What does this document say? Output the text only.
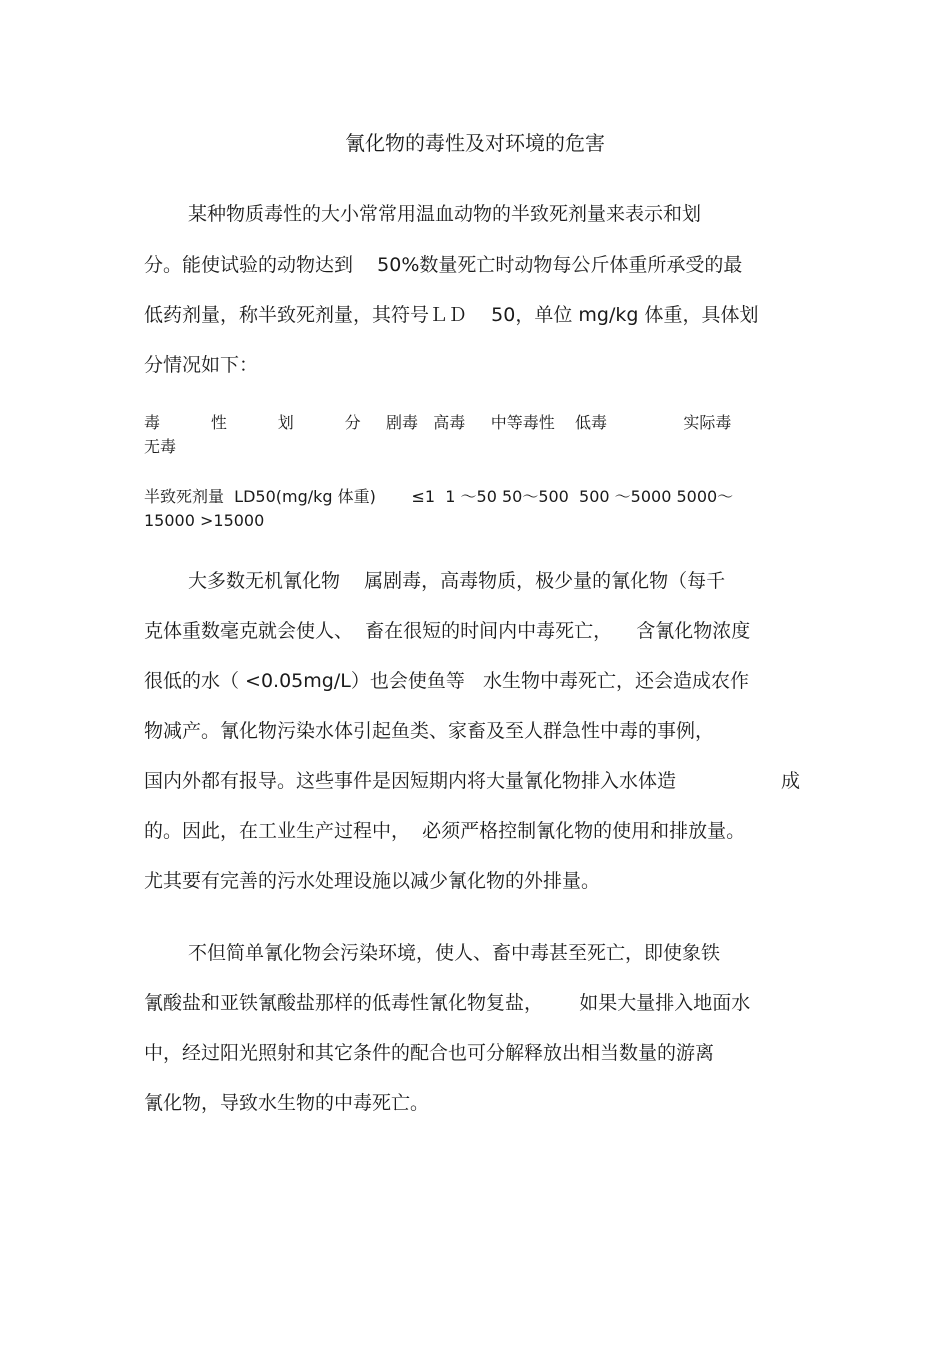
氰化物的毒性及对环境的危害
某种物质毒性的大小常常用温血动物的半致死剂量来表示和划
分。能使试验的动物达到    50%数量死亡时动物每公斤体重所承受的最
低药剂量，称半致死剂量，其符号ＬＤ    50，单位 mg/kg 体重，具体划
分情况如下：
毒          性          划          分     剧毒   高毒     中等毒性    低毒               实际毒
无毒
半致死剂量  LD50(mg/kg 体重)       ≤1  1 ～50 50～500  500 ～5000 5000～
15000 >15000
大多数无机氰化物    属剧毒，高毒物质，极少量的氰化物（每千
克体重数毫克就会使人、  畜在很短的时间内中毒死亡，    含氰化物浓度
很低的水（ <0.05mg/L）也会使鱼等   水生物中毒死亡，还会造成农作
物减产。氰化物污染水体引起鱼类、家畜及至人群急性中毒的事例，
国内外都有报导。这些事件是因短期内将大量氰化物排入水体造	成
的。因此，在工业生产过程中，  必须严格控制氰化物的使用和排放量。
尤其要有完善的污水处理设施以减少氰化物的外排量。
不但简单氰化物会污染环境，使人、畜中毒甚至死亡，即使象铁
氰酸盐和亚铁氰酸盐那样的低毒性氰化物复盐，      如果大量排入地面水
中，经过阳光照射和其它条件的配合也可分解释放出相当数量的游离
氰化物，导致水生物的中毒死亡。
